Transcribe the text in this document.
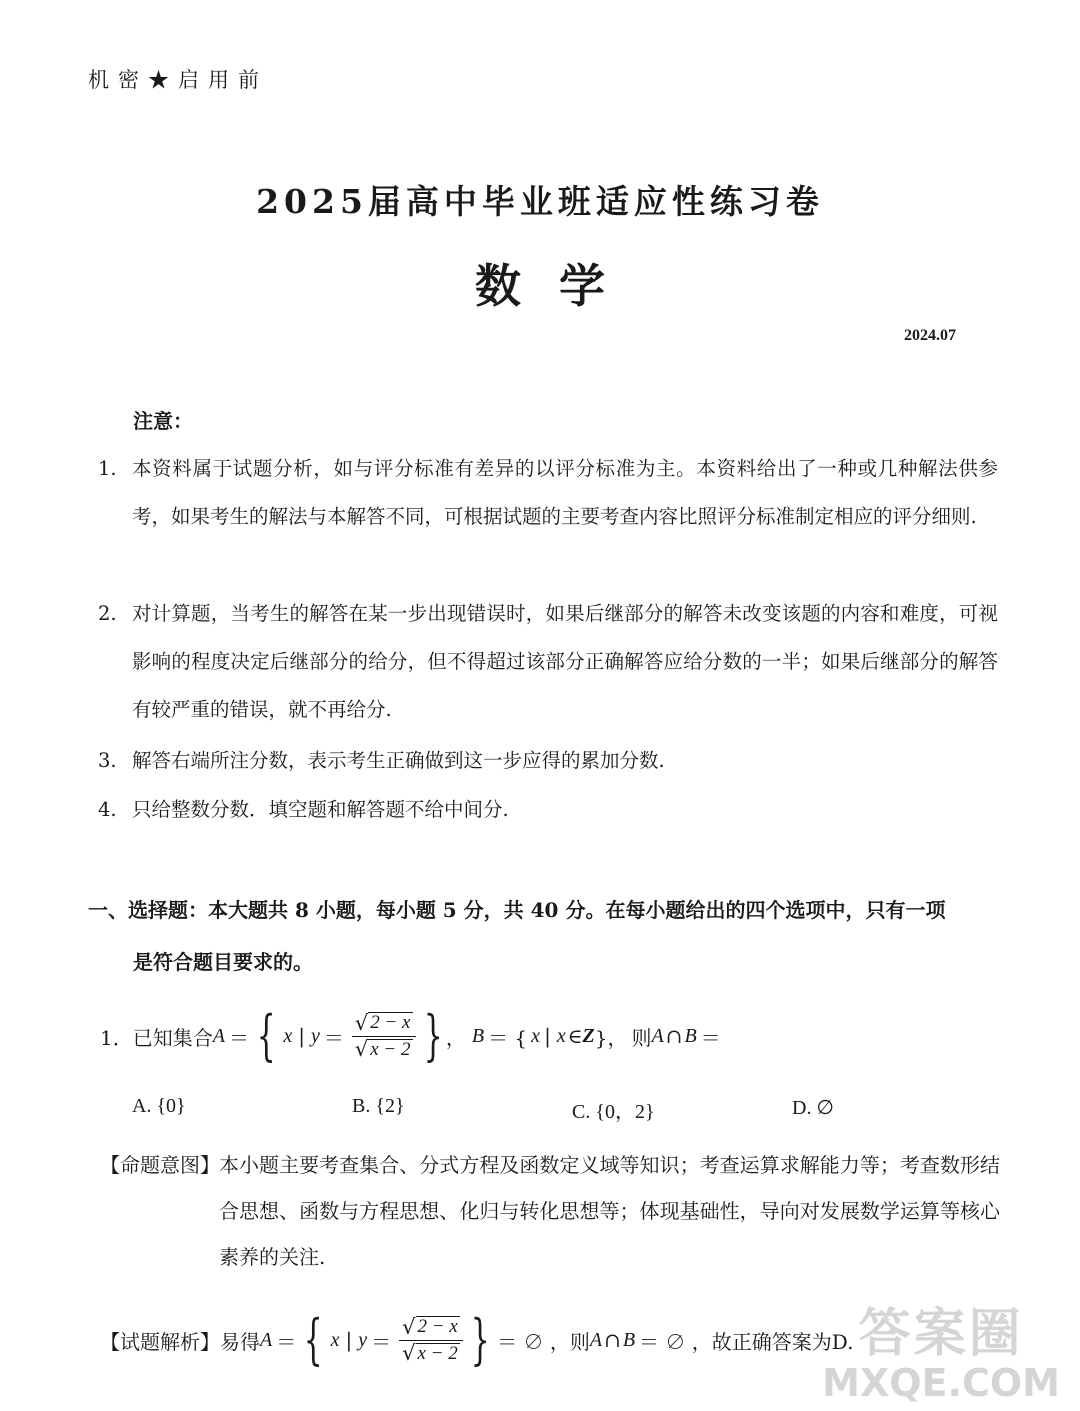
机密★启用前
2025届高中毕业班适应性练习卷
数学
2024.07
注意：
1. 本资料属于试题分析，如与评分标准有差异的以评分标准为主。本资料给出了一种或几种解法供参考，如果考生的解法与本解答不同，可根据试题的主要考查内容比照评分标准制定相应的评分细则.
2. 对计算题，当考生的解答在某一步出现错误时，如果后继部分的解答未改变该题的内容和难度，可视影响的程度决定后继部分的给分，但不得超过该部分正确解答应给分数的一半；如果后继部分的解答有较严重的错误，就不再给分.
3. 解答右端所注分数，表示考生正确做到这一步应得的累加分数.
4. 只给整数分数．填空题和解答题不给中间分.
一、选择题：本大题共 8 小题，每小题 5 分，共 40 分。在每小题给出的四个选项中，只有一项
是符合题目要求的。
1． 已知集合 A ＝ { x | $y = \frac{√ 2 - x}{√ x - 2}$ } ， B ＝ { x | x ∈ Z }， 则 A ∩ B ＝
A. {0}	B. {2}	C. {0，2}	D. ∅
【命题意图】 本小题主要考查集合、分式方程及函数定义域等知识；考查运算求解能力等；考查数形结合思想、函数与方程思想、化归与转化思想等；体现基础性，导向对发展数学运算等核心素养的关注.
【试题解析】 易得 A ＝ { x | $y = \frac{√ 2 - x}{√ x - 2}$ } ＝ ∅ ，则 A ∩ B ＝ ∅ ，故正确答案为D. 答案圈
MXQE.COM
